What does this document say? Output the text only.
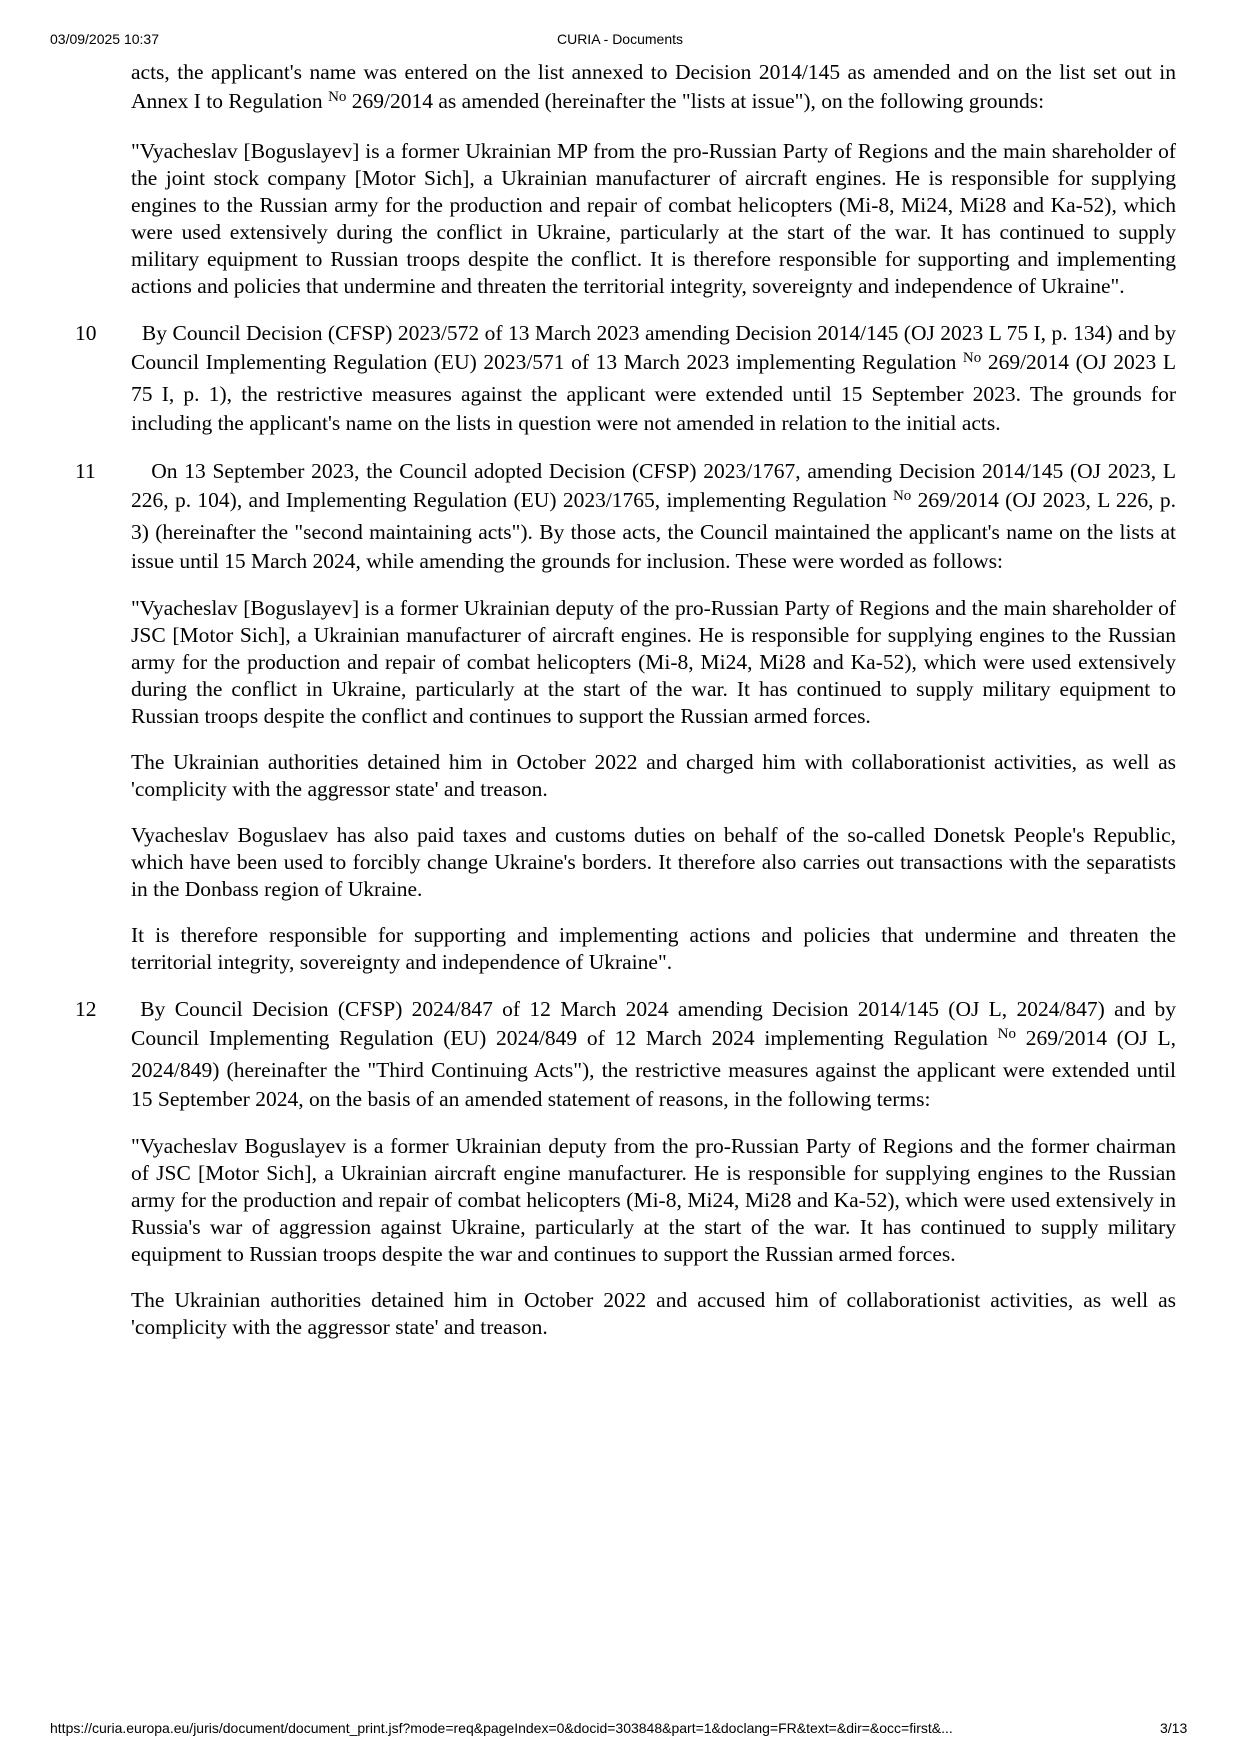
03/09/2025 10:37	CURIA - Documents

acts, the applicant's name was entered on the list annexed to Decision 2014/145 as amended and on the list set out in Annex I to Regulation $^{No}$ 269/2014 as amended (hereinafter the "lists at issue"), on the following grounds:

"Vyacheslav [Boguslayev] is a former Ukrainian MP from the pro-Russian Party of Regions and the main shareholder of the joint stock company [Motor Sich], a Ukrainian manufacturer of aircraft engines. He is responsible for supplying engines to the Russian army for the production and repair of combat helicopters (Mi-8, Mi24, Mi28 and Ka-52), which were used extensively during the conflict in Ukraine, particularly at the start of the war. It has continued to supply military equipment to Russian troops despite the conflict. It is therefore responsible for supporting and implementing actions and policies that undermine and threaten the territorial integrity, sovereignty and independence of Ukraine".

10 By Council Decision (CFSP) 2023/572 of 13 March 2023 amending Decision 2014/145 (OJ 2023 L 75 I, p. 134) and by Council Implementing Regulation (EU) 2023/571 of 13 March 2023 implementing Regulation $^{No}$ 269/2014 (OJ 2023 L 75 I, p. 1), the restrictive measures against the applicant were extended until 15 September 2023. The grounds for including the applicant's name on the lists in question were not amended in relation to the initial acts.

11 On 13 September 2023, the Council adopted Decision (CFSP) 2023/1767, amending Decision 2014/145 (OJ 2023, L 226, p. 104), and Implementing Regulation (EU) 2023/1765, implementing Regulation $^{No}$ 269/2014 (OJ 2023, L 226, p. 3) (hereinafter the "second maintaining acts"). By those acts, the Council maintained the applicant's name on the lists at issue until 15 March 2024, while amending the grounds for inclusion. These were worded as follows:

"Vyacheslav [Boguslayev] is a former Ukrainian deputy of the pro-Russian Party of Regions and the main shareholder of JSC [Motor Sich], a Ukrainian manufacturer of aircraft engines. He is responsible for supplying engines to the Russian army for the production and repair of combat helicopters (Mi-8, Mi24, Mi28 and Ka-52), which were used extensively during the conflict in Ukraine, particularly at the start of the war. It has continued to supply military equipment to Russian troops despite the conflict and continues to support the Russian armed forces.

The Ukrainian authorities detained him in October 2022 and charged him with collaborationist activities, as well as 'complicity with the aggressor state' and treason.

Vyacheslav Boguslaev has also paid taxes and customs duties on behalf of the so-called Donetsk People's Republic, which have been used to forcibly change Ukraine's borders. It therefore also carries out transactions with the separatists in the Donbass region of Ukraine.

It is therefore responsible for supporting and implementing actions and policies that undermine and threaten the territorial integrity, sovereignty and independence of Ukraine".

12 By Council Decision (CFSP) 2024/847 of 12 March 2024 amending Decision 2014/145 (OJ L, 2024/847) and by Council Implementing Regulation (EU) 2024/849 of 12 March 2024 implementing Regulation $^{No}$ 269/2014 (OJ L, 2024/849) (hereinafter the "Third Continuing Acts"), the restrictive measures against the applicant were extended until 15 September 2024, on the basis of an amended statement of reasons, in the following terms:

"Vyacheslav Boguslayev is a former Ukrainian deputy from the pro-Russian Party of Regions and the former chairman of JSC [Motor Sich], a Ukrainian aircraft engine manufacturer. He is responsible for supplying engines to the Russian army for the production and repair of combat helicopters (Mi-8, Mi24, Mi28 and Ka-52), which were used extensively in Russia's war of aggression against Ukraine, particularly at the start of the war. It has continued to supply military equipment to Russian troops despite the war and continues to support the Russian armed forces.

The Ukrainian authorities detained him in October 2022 and accused him of collaborationist activities, as well as 'complicity with the aggressor state' and treason.

https://curia.europa.eu/juris/document/document_print.jsf?mode=req&pageIndex=0&docid=303848&part=1&doclang=FR&text=&dir=&occ=first&...	3/13
